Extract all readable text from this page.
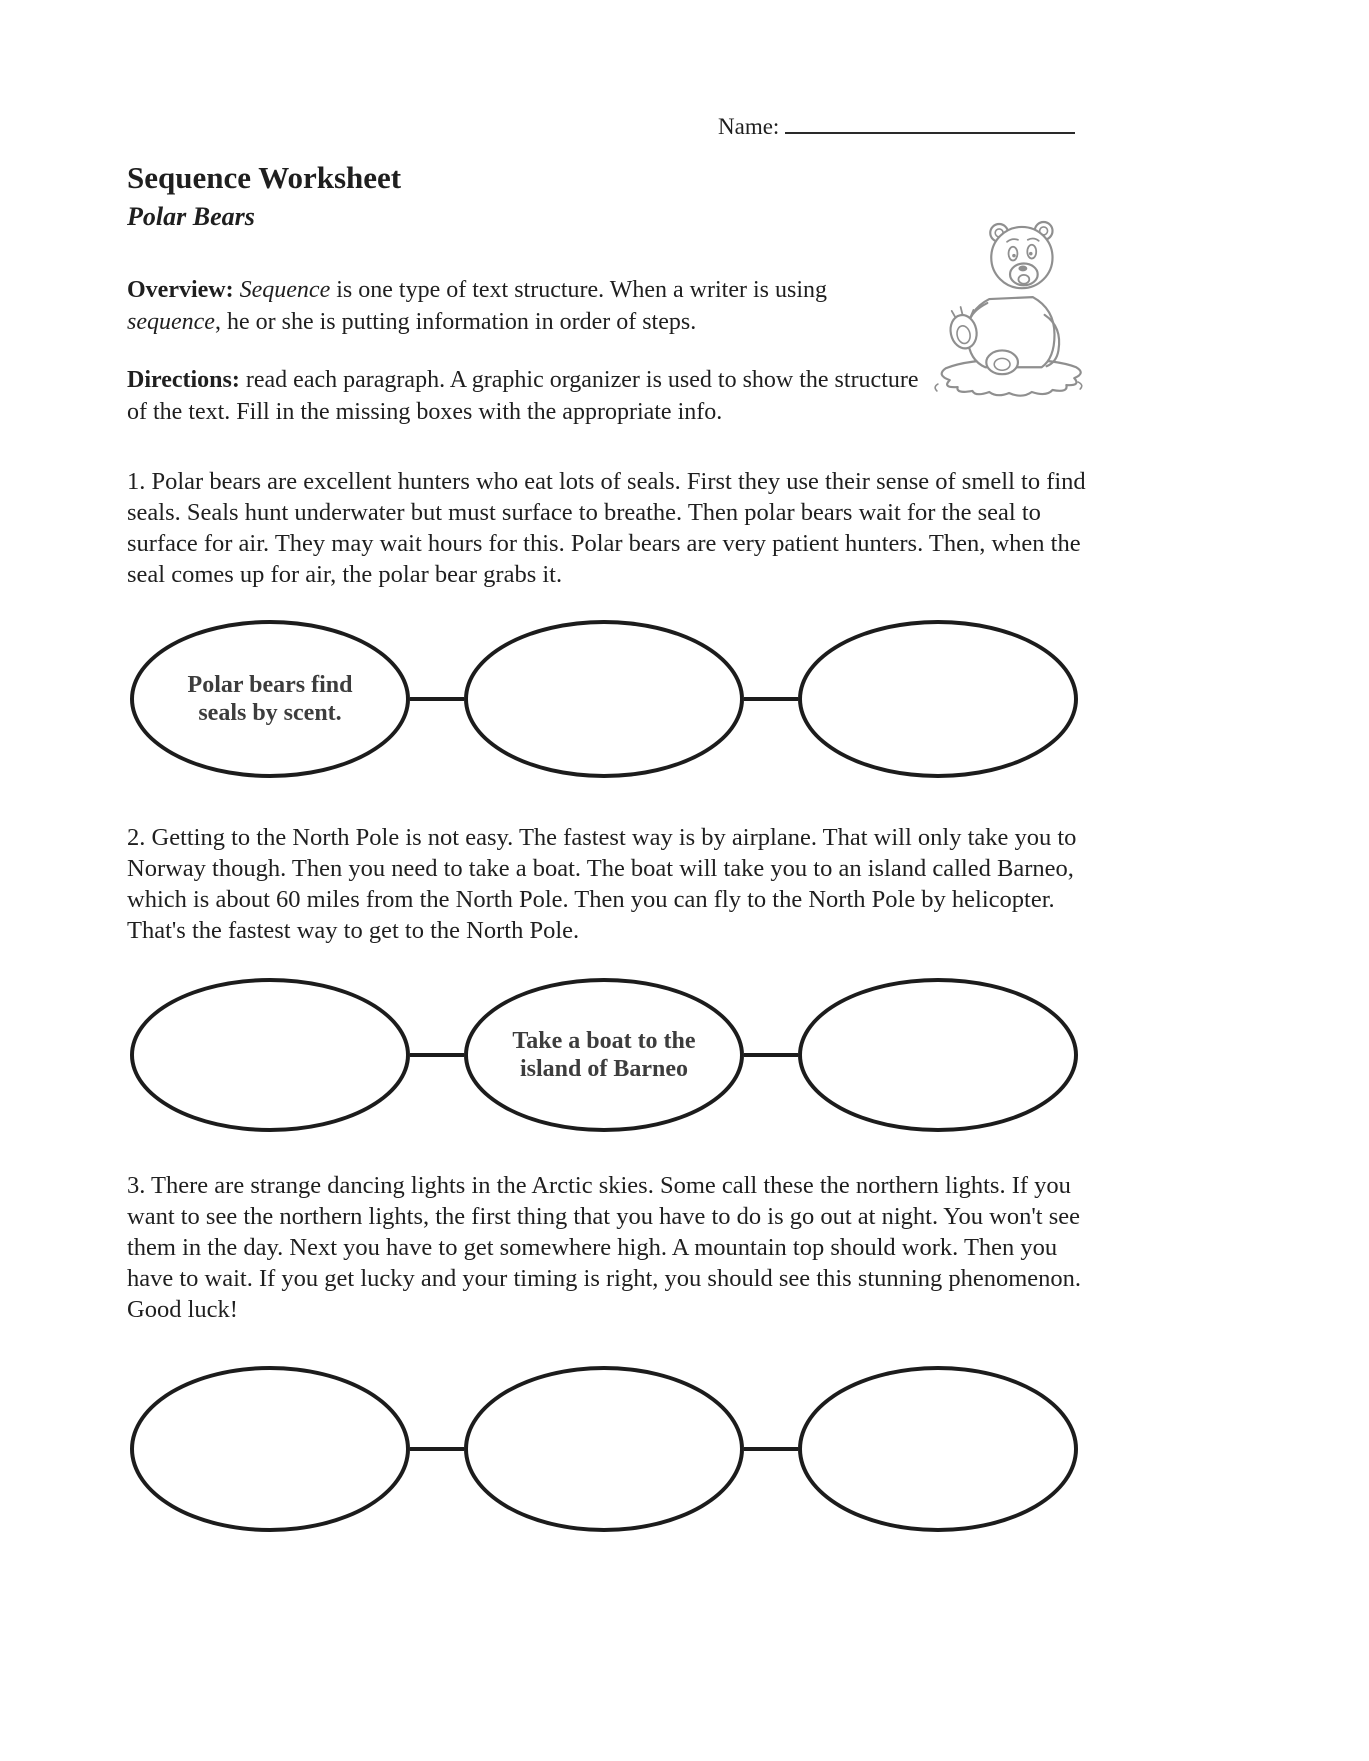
Name:
Sequence Worksheet
Polar Bears
Overview: Sequence is one type of text structure. When a writer is using sequence, he or she is putting information in order of steps.
Directions: read each paragraph. A graphic organizer is used to show the structure of the text. Fill in the missing boxes with the appropriate info.
1. Polar bears are excellent hunters who eat lots of seals. First they use their sense of smell to find seals. Seals hunt underwater but must surface to breathe. Then polar bears wait for the seal to surface for air. They may wait hours for this. Polar bears are very patient hunters. Then, when the seal comes up for air, the polar bear grabs it.
Polar bears find seals by scent.
2. Getting to the North Pole is not easy. The fastest way is by airplane. That will only take you to Norway though. Then you need to take a boat. The boat will take you to an island called Barneo, which is about 60 miles from the North Pole. Then you can fly to the North Pole by helicopter. That's the fastest way to get to the North Pole.
Take a boat to the island of Barneo
3. There are strange dancing lights in the Arctic skies. Some call these the northern lights. If you want to see the northern lights, the first thing that you have to do is go out at night. You won't see them in the day. Next you have to get somewhere high. A mountain top should work. Then you have to wait. If you get lucky and your timing is right, you should see this stunning phenomenon. Good luck!
